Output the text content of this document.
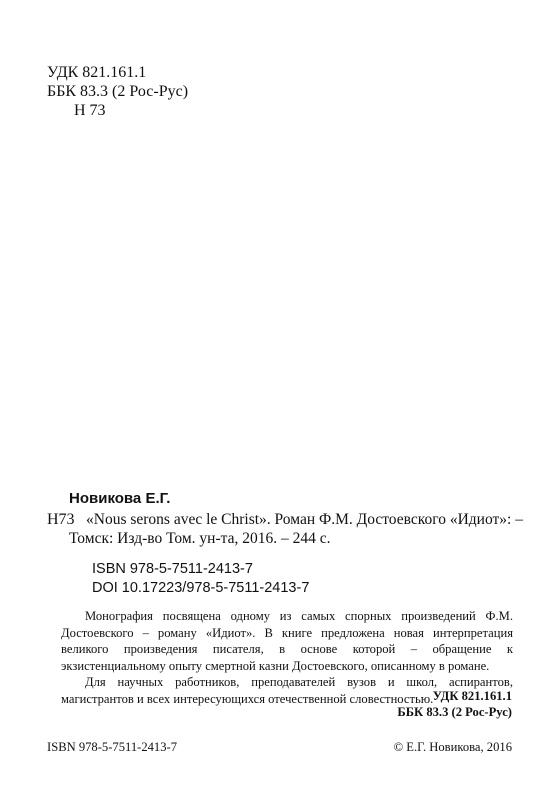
УДК 821.161.1
ББК 83.3 (2 Рос-Рус)
Н 73
Новикова Е.Г.
Н73 «Nous serons avec le Christ». Роман Ф.М. Достоевского «Идиот»: –
Томск: Изд-во Том. ун-та, 2016. – 244 с.
ISBN 978-5-7511-2413-7
DOI 10.17223/978-5-7511-2413-7

Монография посвящена одному из самых спорных произведений Ф.М. Достоевского – роману «Идиот». В книге предложена новая интерпретация великого произведения писателя, в основе которой – обращение к экзистенциальному опыту смертной казни Достоевского, описанному в романе.

Для научных работников, преподавателей вузов и школ, аспирантов, магистрантов и всех интересующихся отечественной словестностью. УДК 821.161.1
ББК 83.3 (2 Рос-Рус)
ISBN 978-5-7511-2413-7	© Е.Г. Новикова, 2016
